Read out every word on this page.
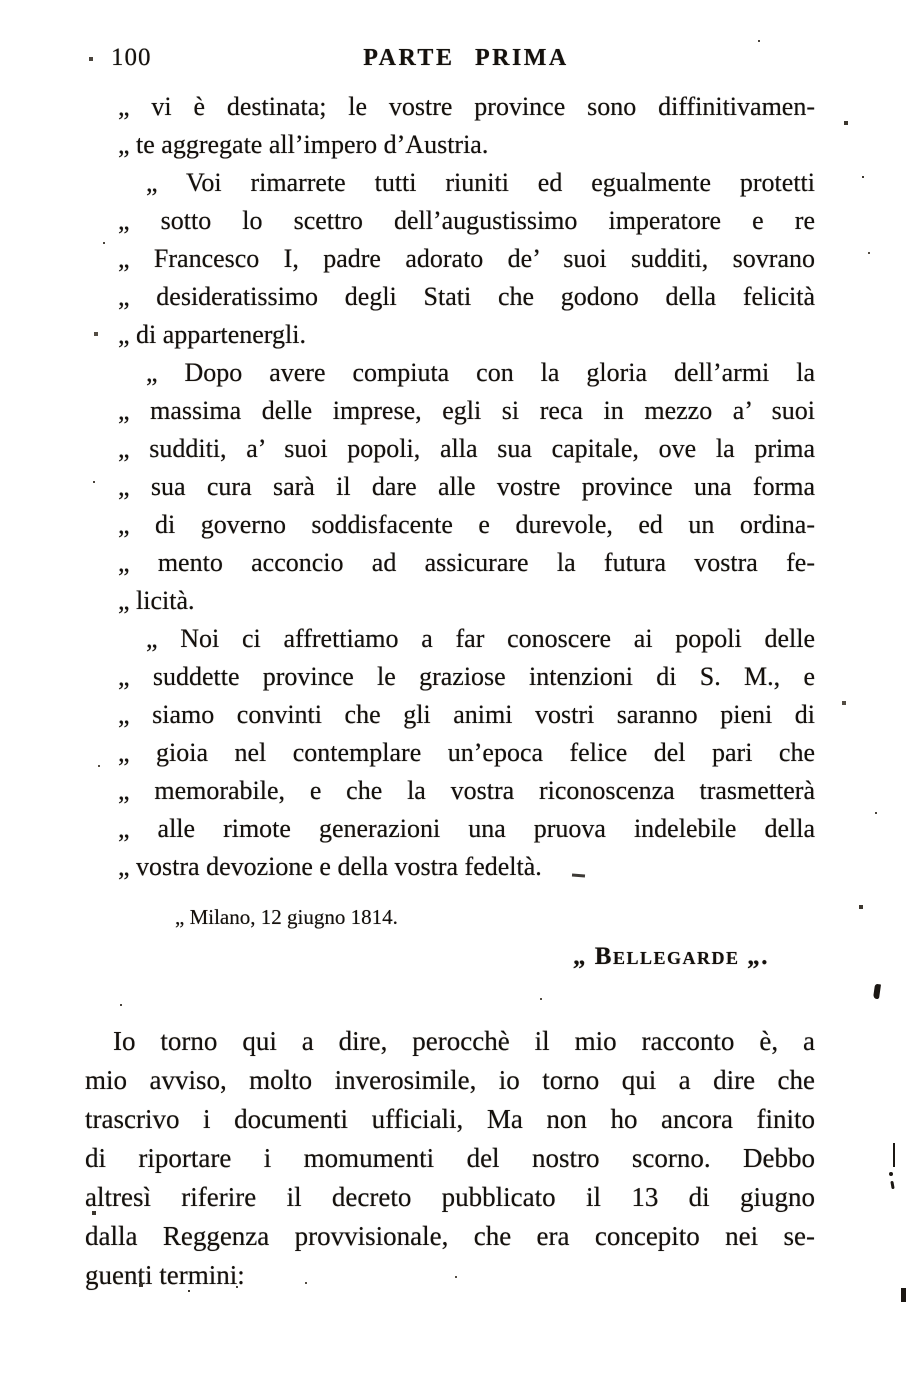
100	PARTE PRIMA
„ vi è destinata; le vostre province sono diffinitivamen-
„ te aggregate all’impero d’Austria.
„ Voi rimarrete tutti riuniti ed egualmente protetti
„ sotto lo scettro dell’augustissimo imperatore e re
„ Francesco I, padre adorato de’ suoi sudditi, sovrano
„ desideratissimo degli Stati che godono della felicità
„ di appartenergli.
„ Dopo avere compiuta con la gloria dell’armi la
„ massima delle imprese, egli si reca in mezzo a’ suoi
„ sudditi, a’ suoi popoli, alla sua capitale, ove la prima
„ sua cura sarà il dare alle vostre province una forma
„ di governo soddisfacente e durevole, ed un ordina-
„ mento acconcio ad assicurare la futura vostra fe-
„ licità.
„ Noi ci affrettiamo a far conoscere ai popoli delle
„ suddette province le graziose intenzioni di S. M., e
„ siamo convinti che gli animi vostri saranno pieni di
„ gioia nel contemplare un’epoca felice del pari che
„ memorabile, e che la vostra riconoscenza trasmetterà
„ alle rimote generazioni una pruova indelebile della
„ vostra devozione e della vostra fedeltà.
„ Milano, 12 giugno 1814.
„ Bellegarde „.
Io torno qui a dire, perocchè il mio racconto è, a
mio avviso, molto inverosimile, io torno qui a dire che
trascrivo i documenti ufficiali, Ma non ho ancora finito
di riportare i momumenti del nostro scorno. Debbo
altresì riferire il decreto pubblicato il 13 di giugno
dalla Reggenza provvisionale, che era concepito nei se-
guenti termini:
